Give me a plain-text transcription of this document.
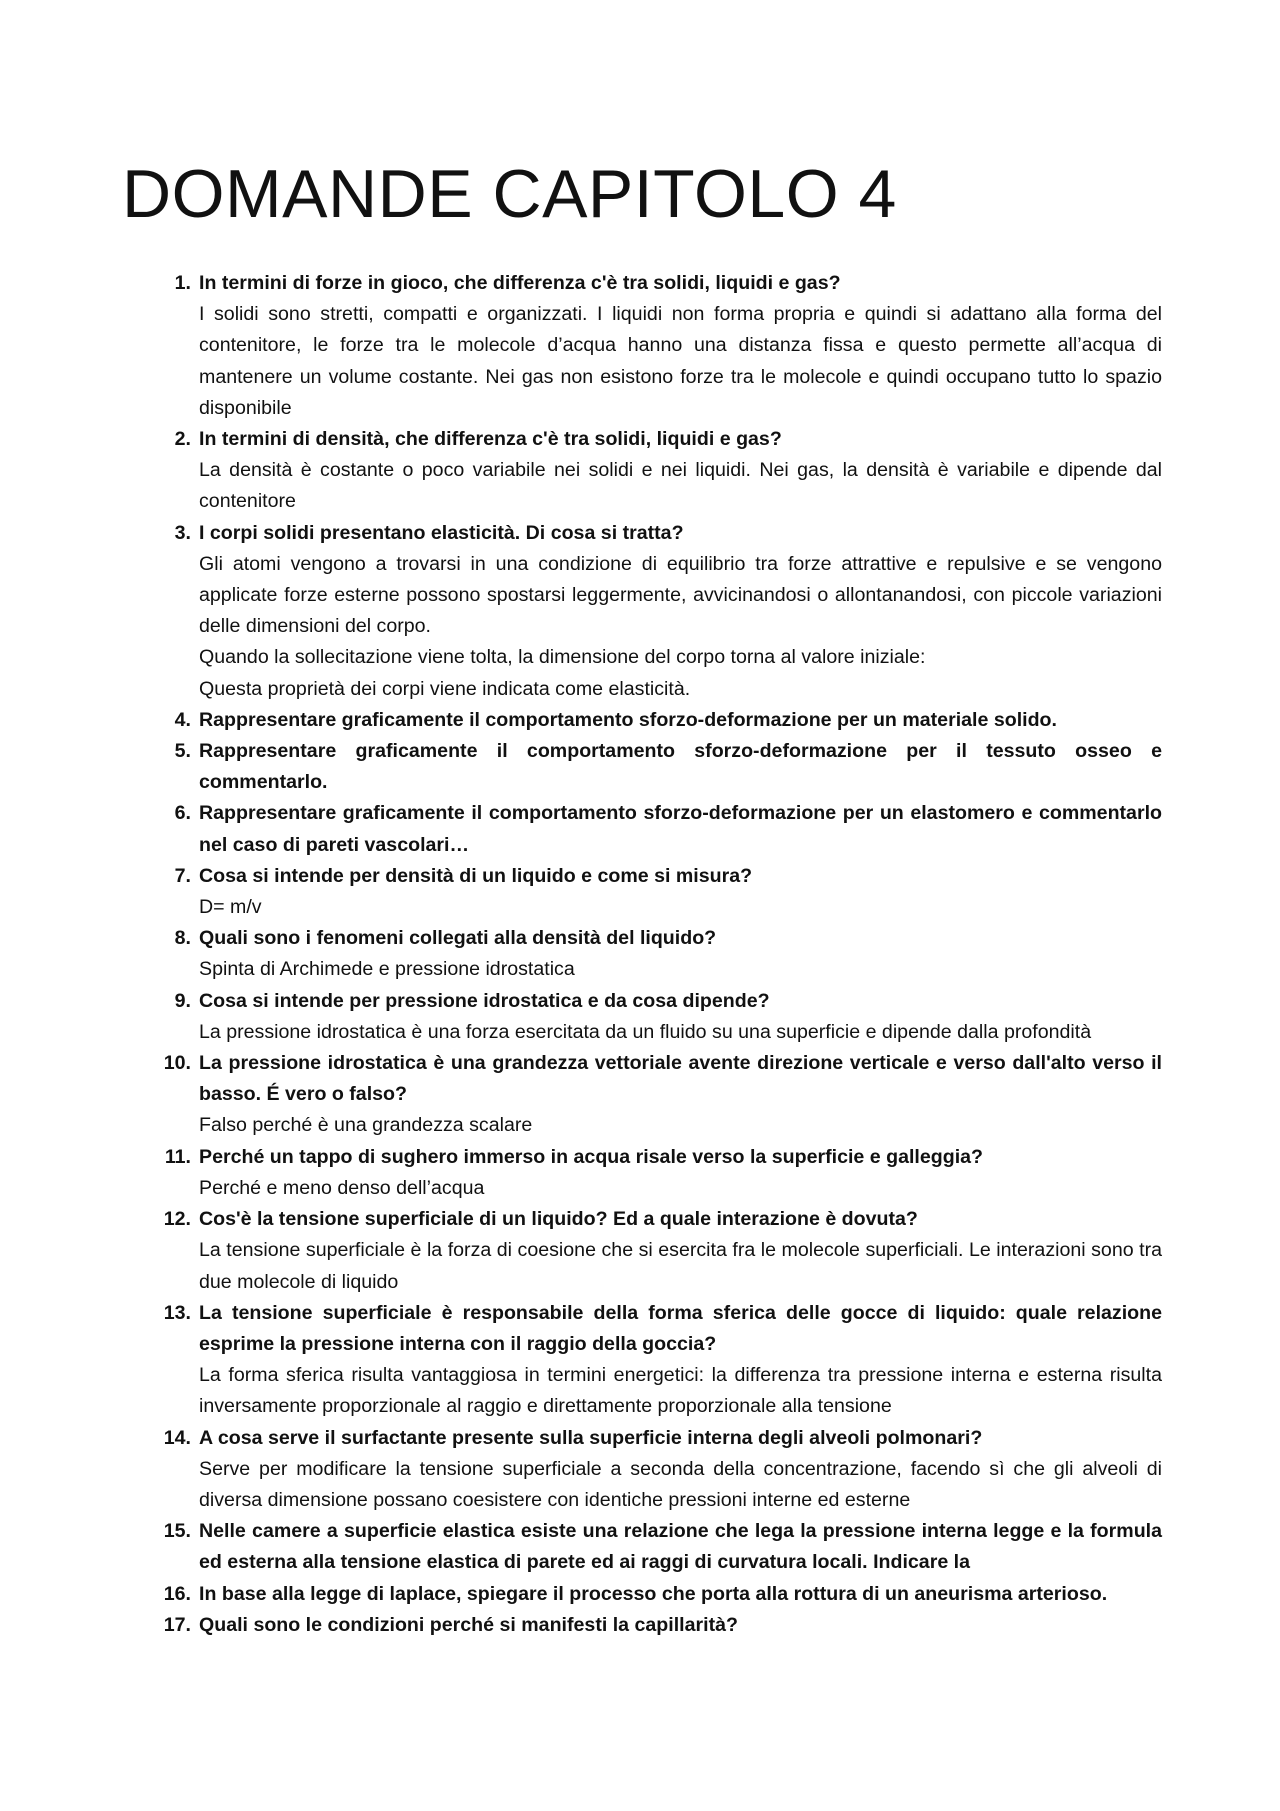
DOMANDE CAPITOLO 4
1. In termini di forze in gioco, che differenza c'è tra solidi, liquidi e gas?
I solidi sono stretti, compatti e organizzati. I liquidi non forma propria e quindi si adattano alla forma del contenitore, le forze tra le molecole d’acqua hanno una distanza fissa e questo permette all’acqua di mantenere un volume costante. Nei gas non esistono forze tra le molecole e quindi occupano tutto lo spazio disponibile
2. In termini di densità, che differenza c'è tra solidi, liquidi e gas?
La densità è costante o poco variabile nei solidi e nei liquidi. Nei gas, la densità è variabile e dipende dal contenitore
3. I corpi solidi presentano elasticità. Di cosa si tratta?
Gli atomi vengono a trovarsi in una condizione di equilibrio tra forze attrattive e repulsive e se vengono applicate forze esterne possono spostarsi leggermente, avvicinandosi o allontanandosi, con piccole variazioni delle dimensioni del corpo.
Quando la sollecitazione viene tolta, la dimensione del corpo torna al valore iniziale:
Questa proprietà dei corpi viene indicata come elasticità.
4. Rappresentare graficamente il comportamento sforzo-deformazione per un materiale solido.
5. Rappresentare graficamente il comportamento sforzo-deformazione per il tessuto osseo e commentarlo.
6. Rappresentare graficamente il comportamento sforzo-deformazione per un elastomero e commentarlo nel caso di pareti vascolari…
7. Cosa si intende per densità di un liquido e come si misura?
D= m/v
8. Quali sono i fenomeni collegati alla densità del liquido?
Spinta di Archimede e pressione idrostatica
9. Cosa si intende per pressione idrostatica e da cosa dipende?
La pressione idrostatica è una forza esercitata da un fluido su una superficie e dipende dalla profondità
10. La pressione idrostatica è una grandezza vettoriale avente direzione verticale e verso dall'alto verso il basso. É vero o falso?
Falso perché è una grandezza scalare
11. Perché un tappo di sughero immerso in acqua risale verso la superficie e galleggia?
Perché e meno denso dell’acqua
12. Cos'è la tensione superficiale di un liquido? Ed a quale interazione è dovuta?
La tensione superficiale è la forza di coesione che si esercita fra le molecole superficiali. Le interazioni sono tra due molecole di liquido
13. La tensione superficiale è responsabile della forma sferica delle gocce di liquido: quale relazione esprime la pressione interna con il raggio della goccia?
La forma sferica risulta vantaggiosa in termini energetici: la differenza tra pressione interna e esterna risulta inversamente proporzionale al raggio e direttamente proporzionale alla tensione
14. A cosa serve il surfactante presente sulla superficie interna degli alveoli polmonari?
Serve per modificare la tensione superficiale a seconda della concentrazione, facendo sì che gli alveoli di diversa dimensione possano coesistere con identiche pressioni interne ed esterne
15. Nelle camere a superficie elastica esiste una relazione che lega la pressione interna legge e la formula ed esterna alla tensione elastica di parete ed ai raggi di curvatura locali. Indicare la
16. In base alla legge di laplace, spiegare il processo che porta alla rottura di un aneurisma arterioso.
17. Quali sono le condizioni perché si manifesti la capillarità?
